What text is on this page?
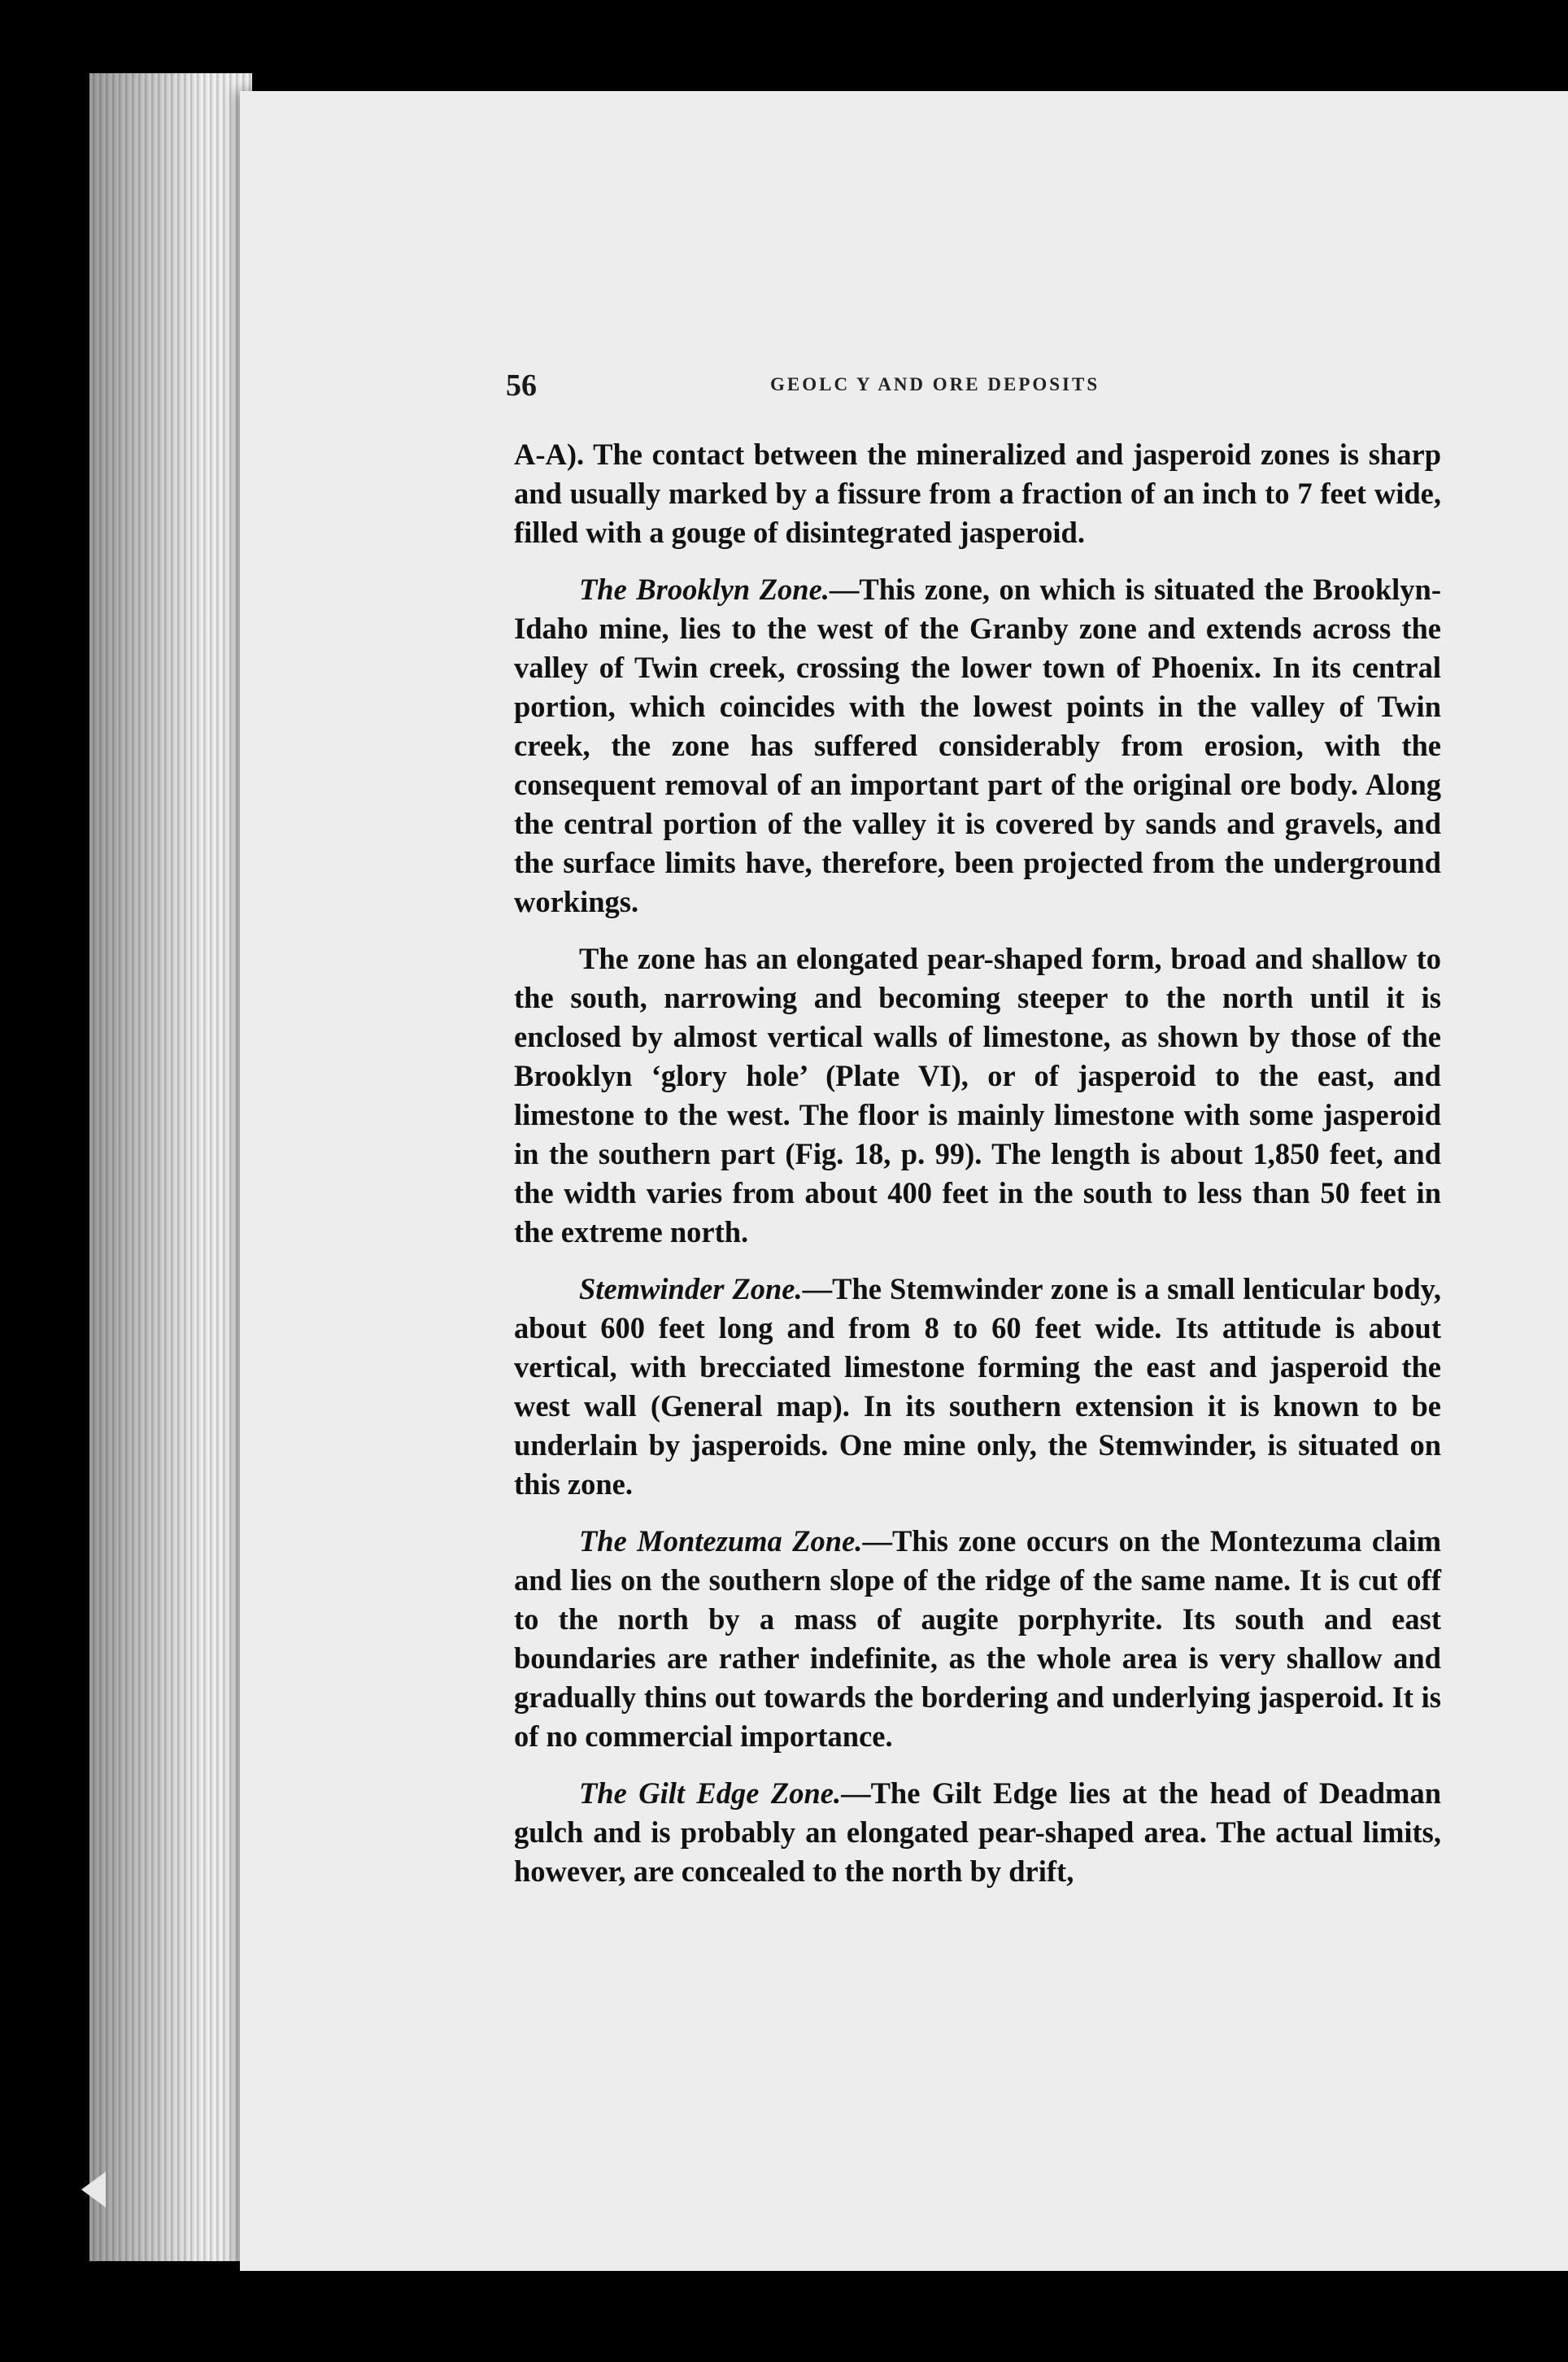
56	GEOLC Y AND ORE DEPOSITS

A-A). The contact between the mineralized and jasperoid zones is sharp and usually marked by a fissure from a fraction of an inch to 7 feet wide, filled with a gouge of disintegrated jasperoid.

The Brooklyn Zone.—This zone, on which is situated the Brooklyn-Idaho mine, lies to the west of the Granby zone and extends across the valley of Twin creek, crossing the lower town of Phoenix. In its central portion, which coincides with the lowest points in the valley of Twin creek, the zone has suffered considerably from erosion, with the consequent removal of an important part of the original ore body. Along the central portion of the valley it is covered by sands and gravels, and the surface limits have, therefore, been projected from the underground workings.

The zone has an elongated pear-shaped form, broad and shallow to the south, narrowing and becoming steeper to the north until it is enclosed by almost vertical walls of limestone, as shown by those of the Brooklyn ‘glory hole’ (Plate VI), or of jasperoid to the east, and limestone to the west. The floor is mainly limestone with some jasperoid in the southern part (Fig. 18, p. 99). The length is about 1,850 feet, and the width varies from about 400 feet in the south to less than 50 feet in the extreme north.

Stemwinder Zone.—The Stemwinder zone is a small lenticular body, about 600 feet long and from 8 to 60 feet wide. Its attitude is about vertical, with brecciated limestone forming the east and jasperoid the west wall (General map). In its southern extension it is known to be underlain by jasperoids. One mine only, the Stemwinder, is situated on this zone.

The Montezuma Zone.—This zone occurs on the Montezuma claim and lies on the southern slope of the ridge of the same name. It is cut off to the north by a mass of augite porphyrite. Its south and east boundaries are rather indefinite, as the whole area is very shallow and gradually thins out towards the bordering and underlying jasperoid. It is of no commercial importance.

The Gilt Edge Zone.—The Gilt Edge lies at the head of Deadman gulch and is probably an elongated pear-shaped area. The actual limits, however, are concealed to the north by drift,
